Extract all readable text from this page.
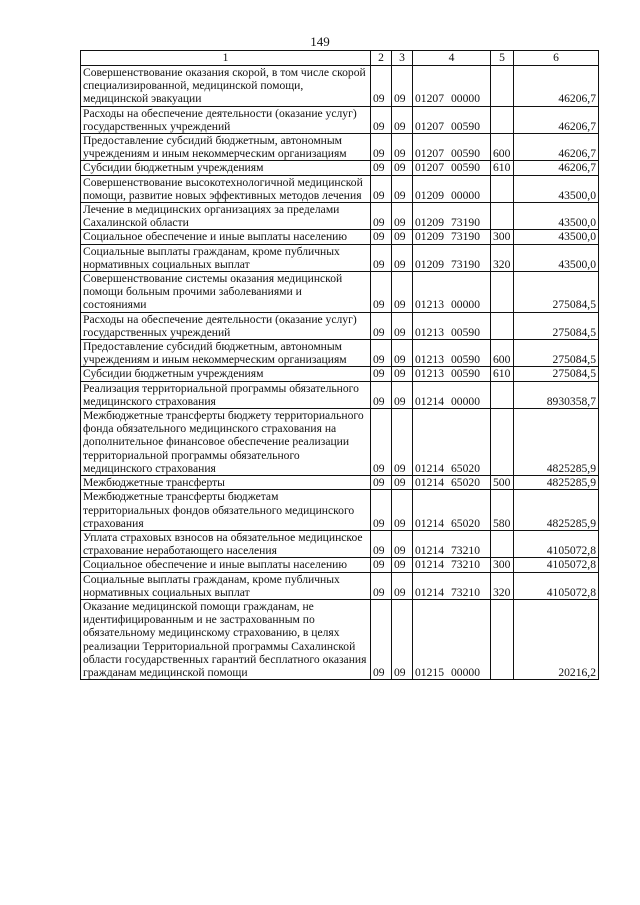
149
1	2	3	4	5	6
Совершенствование оказания скорой, в том числе скорой специализированной, медицинской помощи, медицинской эвакуации	09	09	01207 00000		46206,7
Расходы на обеспечение деятельности (оказание услуг) государственных учреждений	09	09	01207 00590		46206,7
Предоставление субсидий бюджетным, автономным учреждениям и иным некоммерческим организациям	09	09	01207 00590	600	46206,7
Субсидии бюджетным учреждениям	09	09	01207 00590	610	46206,7
Совершенствование высокотехнологичной медицинской помощи, развитие новых эффективных методов лечения	09	09	01209 00000		43500,0
Лечение в медицинских организациях за пределами Сахалинской области	09	09	01209 73190		43500,0
Социальное обеспечение и иные выплаты населению	09	09	01209 73190	300	43500,0
Социальные выплаты гражданам, кроме публичных нормативных социальных выплат	09	09	01209 73190	320	43500,0
Совершенствование системы оказания медицинской помощи больным прочими заболеваниями и состояниями	09	09	01213 00000		275084,5
Расходы на обеспечение деятельности (оказание услуг) государственных учреждений	09	09	01213 00590		275084,5
Предоставление субсидий бюджетным, автономным учреждениям и иным некоммерческим организациям	09	09	01213 00590	600	275084,5
Субсидии бюджетным учреждениям	09	09	01213 00590	610	275084,5
Реализация территориальной программы обязательного медицинского страхования	09	09	01214 00000		8930358,7
Межбюджетные трансферты бюджету территориального фонда обязательного медицинского страхования на дополнительное финансовое обеспечение реализации территориальной программы обязательного медицинского страхования	09	09	01214 65020		4825285,9
Межбюджетные трансферты	09	09	01214 65020	500	4825285,9
Межбюджетные трансферты бюджетам территориальных фондов обязательного медицинского страхования	09	09	01214 65020	580	4825285,9
Уплата страховых взносов на обязательное медицинское страхование неработающего населения	09	09	01214 73210		4105072,8
Социальное обеспечение и иные выплаты населению	09	09	01214 73210	300	4105072,8
Социальные выплаты гражданам, кроме публичных нормативных социальных выплат	09	09	01214 73210	320	4105072,8
Оказание медицинской помощи гражданам, не идентифицированным и не застрахованным по обязательному медицинскому страхованию, в целях реализации Территориальной программы Сахалинской области государственных гарантий бесплатного оказания гражданам медицинской помощи	09	09	01215 00000		20216,2
